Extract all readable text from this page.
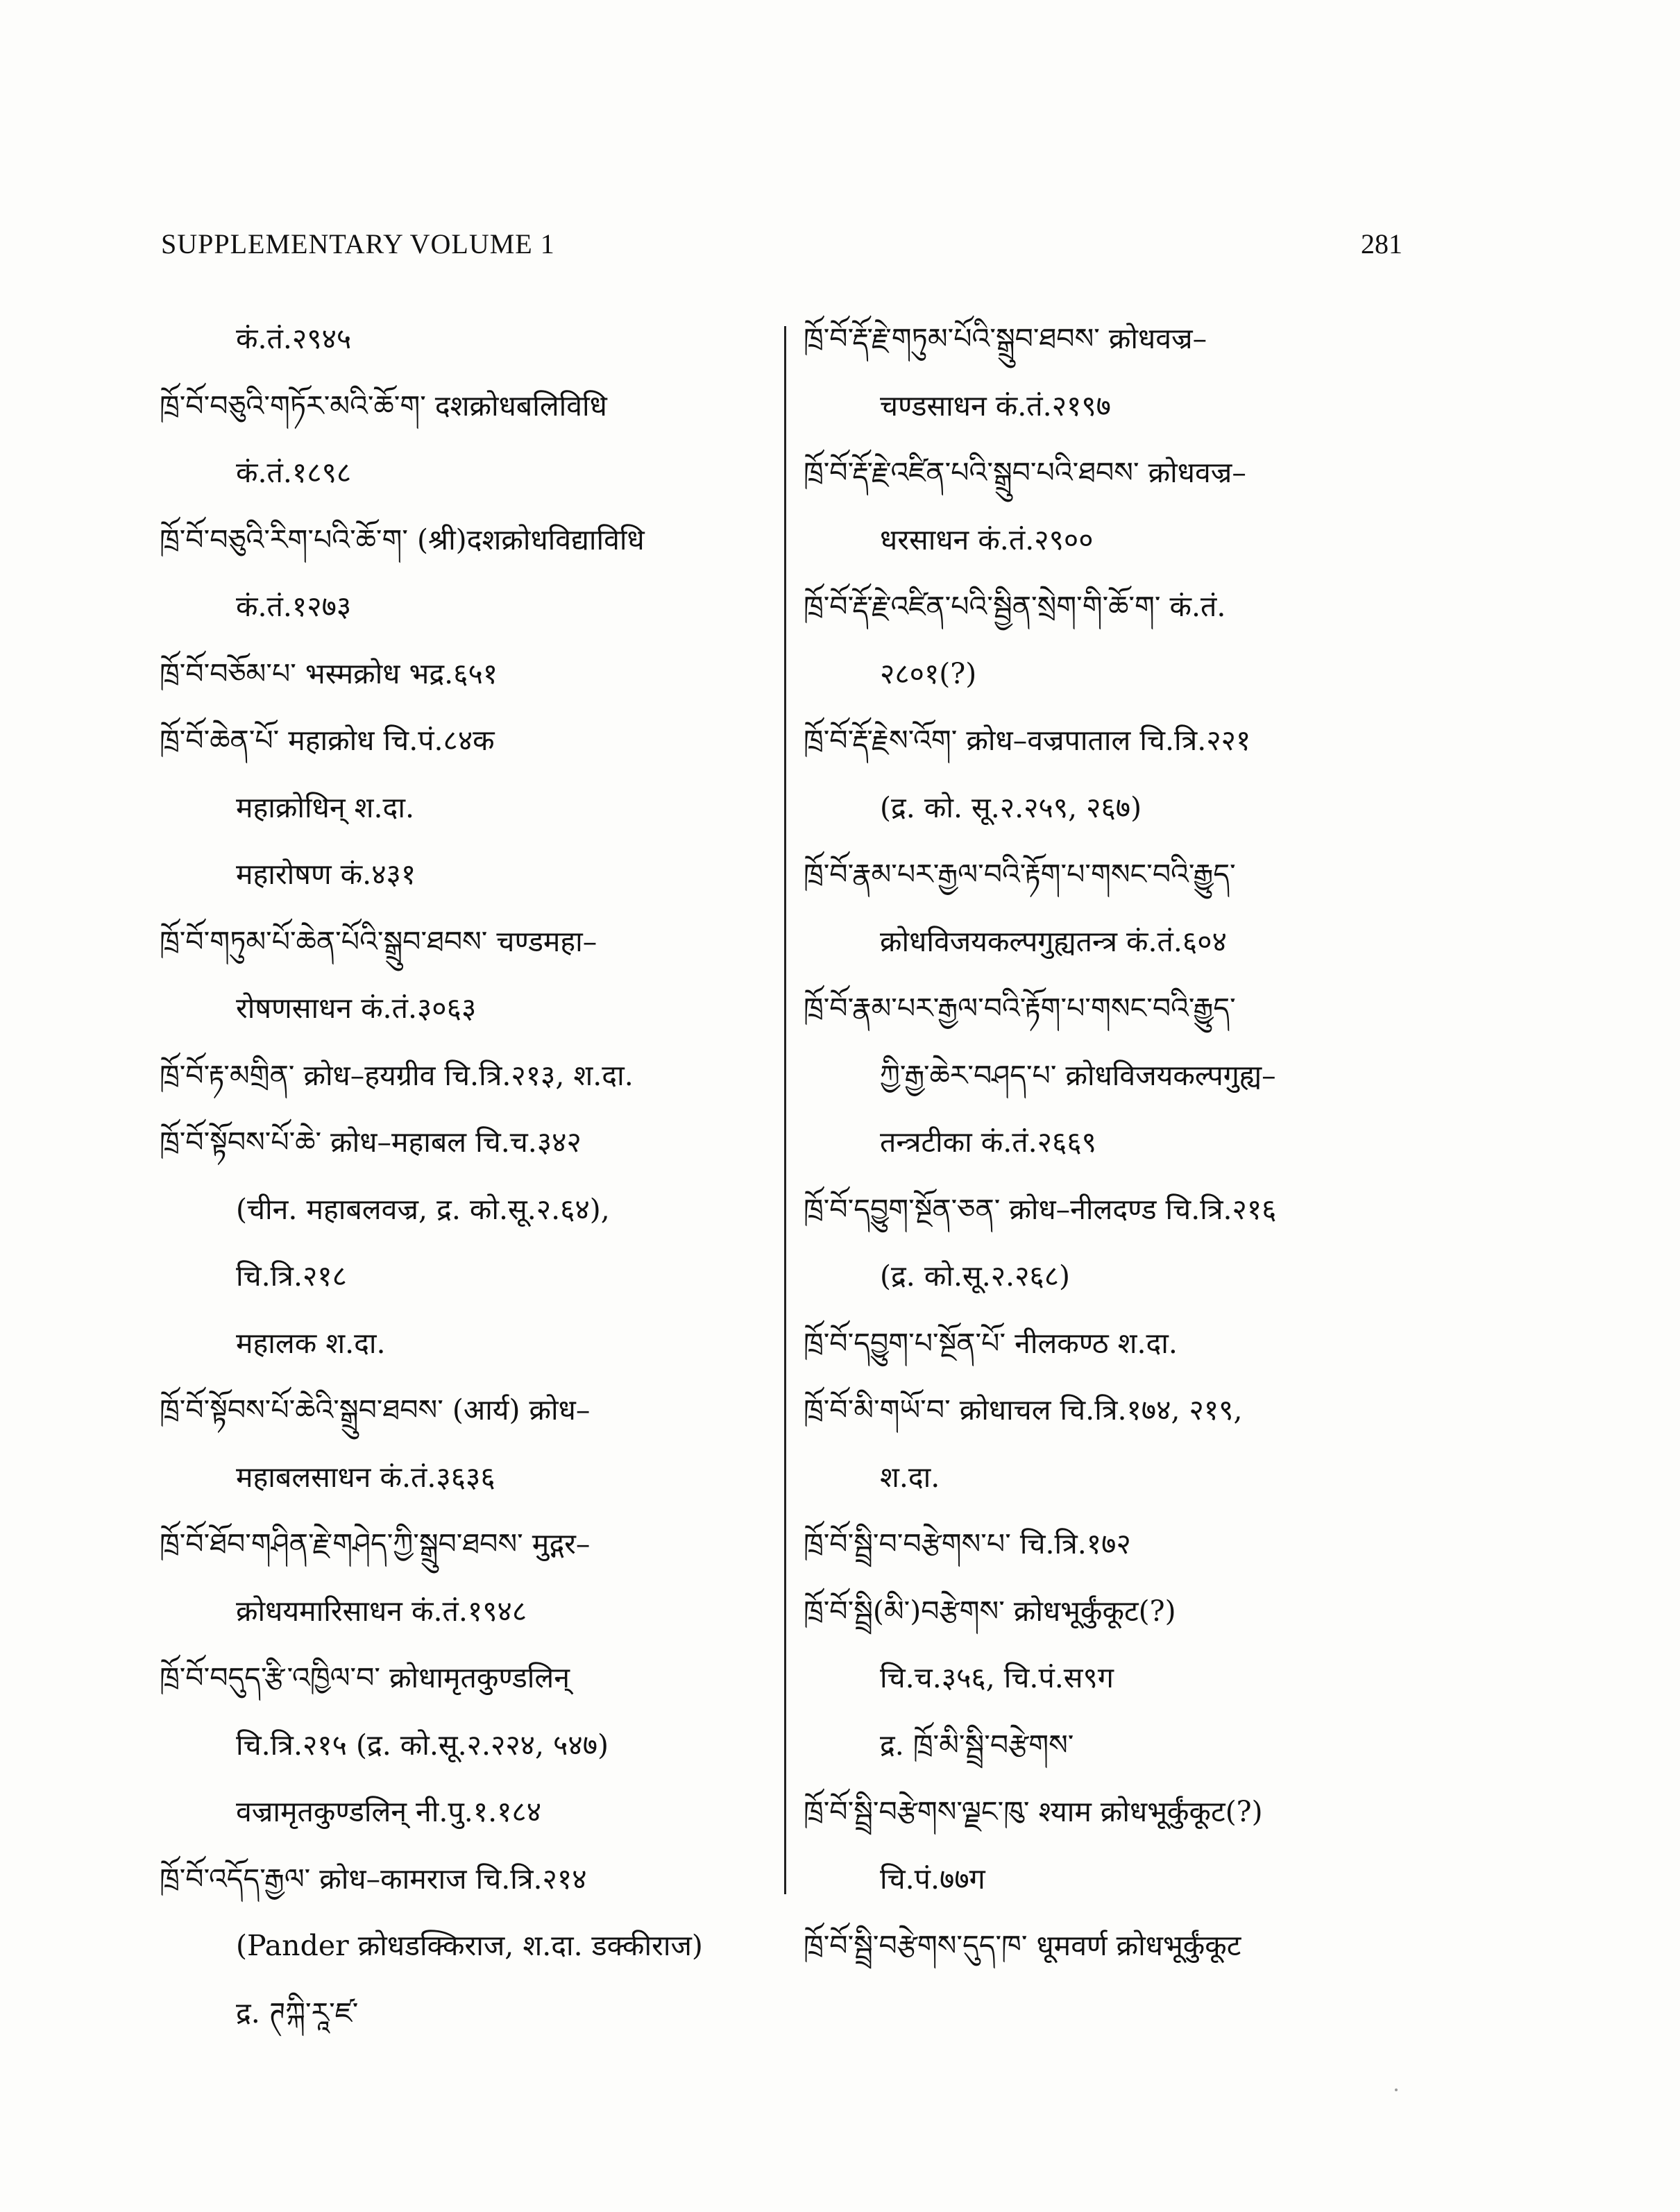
SUPPLEMENTARY VOLUME 1	281
कं.तं.२९४५
ཁྲོ་བོ་བཅུའི་གཏོར་མའི་ཆོ་ག་ दशक्रोधबलिविधि
कं.तं.१८९८
ཁྲོ་བོ་བཅུའི་རིག་པའི་ཆོ་ག་ (श्री)दशक्रोधविद्याविधि
कं.तं.१२७३
ཁྲོ་བོ་བཅོམ་པ་ भस्मक्रोध भद्र.६५१
ཁྲོ་བོ་ཆེན་པོ་ महाक्रोध चि.पं.८४क
महाक्रोधिन् श.दा.
महारोषण कं.४३१
ཁྲོ་བོ་གཏུམ་པོ་ཆེན་པོའི་སྒྲུབ་ཐབས་ चण्डमहा–
रोषणसाधन कं.तं.३०६३
ཁྲོ་བོ་རྟ་མགྲིན་ क्रोध–हयग्रीव चि.त्रि.२१३, श.दा.
ཁྲོ་བོ་སྟོབས་པོ་ཆེ་ क्रोध–महाबल चि.च.३४२
(चीन. महाबलवज्र, द्र. को.सू.२.६४),
चि.त्रि.२१८
महालक श.दा.
ཁྲོ་བོ་སྟོབས་པོ་ཆེའི་སྒྲུབ་ཐབས་ (आर्य) क्रोध–
महाबलसाधन कं.तं.३६३६
ཁྲོ་བོ་ཐོབ་གཤིན་རྗེ་གཤེད་ཀྱི་སྒྲུབ་ཐབས་ मुद्गर–
क्रोधयमारिसाधन कं.तं.१९४८
ཁྲོ་བོ་བདུད་རྩི་འཁྱིལ་བ་ क्रोधामृतकुण्डलिन्
चि.त्रि.२१५ (द्र. को.सू.२.२२४, ५४७)
वज्रामृतकुण्डलिन् नी.पु.१.१८४
ཁྲོ་བོ་འདོད་རྒྱལ་ क्रोध–कामराज चि.त्रि.२१४
(Pander क्रोधडक्किराज, श.दा. डक्कीराज)
द्र. ཊཀྐི་རཱ་ཛ་
ཁྲོ་བོ་རྡོ་རྗེ་གཏུམ་པོའི་སྒྲུབ་ཐབས་ क्रोधवज्र–
चण्डसाधन कं.तं.२१९७
ཁྲོ་བོ་རྡོ་རྗེ་འཛིན་པའི་སྒྲུབ་པའི་ཐབས་ क्रोधवज्र–
धरसाधन कं.तं.२९००
ཁྲོ་བོ་རྡོ་རྗེ་འཛིན་པའི་སྦྱིན་སྲེག་གི་ཆོ་ག་ कं.तं.
२८०१(?)
ཁྲོ་བོ་རྡོ་རྗེས་འོག་ क्रोध–वज्रपाताल चि.त्रि.२२१
(द्र. को. सू.२.२५९, २६७)
ཁྲོ་བོ་རྣམ་པར་རྒྱལ་བའི་རྟོག་པ་གསང་བའི་རྒྱུད་
क्रोधविजयकल्पगुह्यतन्त्र कं.तं.६०४
ཁྲོ་བོ་རྣམ་པར་རྒྱལ་བའི་རྟོག་པ་གསང་བའི་རྒྱུད་
ཀྱི་རྒྱ་ཆེར་བཤད་པ་ क्रोधविजयकल्पगुह्य–
तन्त्रटीका कं.तं.२६६९
ཁྲོ་བོ་དབྱུག་སྔོན་ཅན་ क्रोध–नीलदण्ड चि.त्रि.२१६
(द्र. को.सू.२.२६८)
ཁྲོ་བོ་དབྱུག་པ་སྔོན་པོ་ नीलकण्ठ श.दा.
ཁྲོ་བོ་མི་གཡོ་བ་ क्रोधाचल चि.त्रि.१७४, २१९,
श.दा.
ཁྲོ་བོ་སྦྲི་བ་བརྩེགས་པ་ चि.त्रि.१७२
ཁྲོ་བོ་སྦྲི(མི་)བརྩེགས་ क्रोधभूर्कुंकूट(?)
चि.च.३५६, चि.पं.स९ग
द्र. ཁྲོ་མི་སྦྲི་བརྩེགས་
ཁྲོ་བོ་སྦྲི་བརྩེགས་ལྗང་ཁུ་ श्याम क्रोधभूर्कुंकूट(?)
चि.पं.७७ग
ཁྲོ་བོ་སྦྲི་བརྩེགས་དུད་ཁ་ धूमवर्ण क्रोधभूर्कुंकूट
